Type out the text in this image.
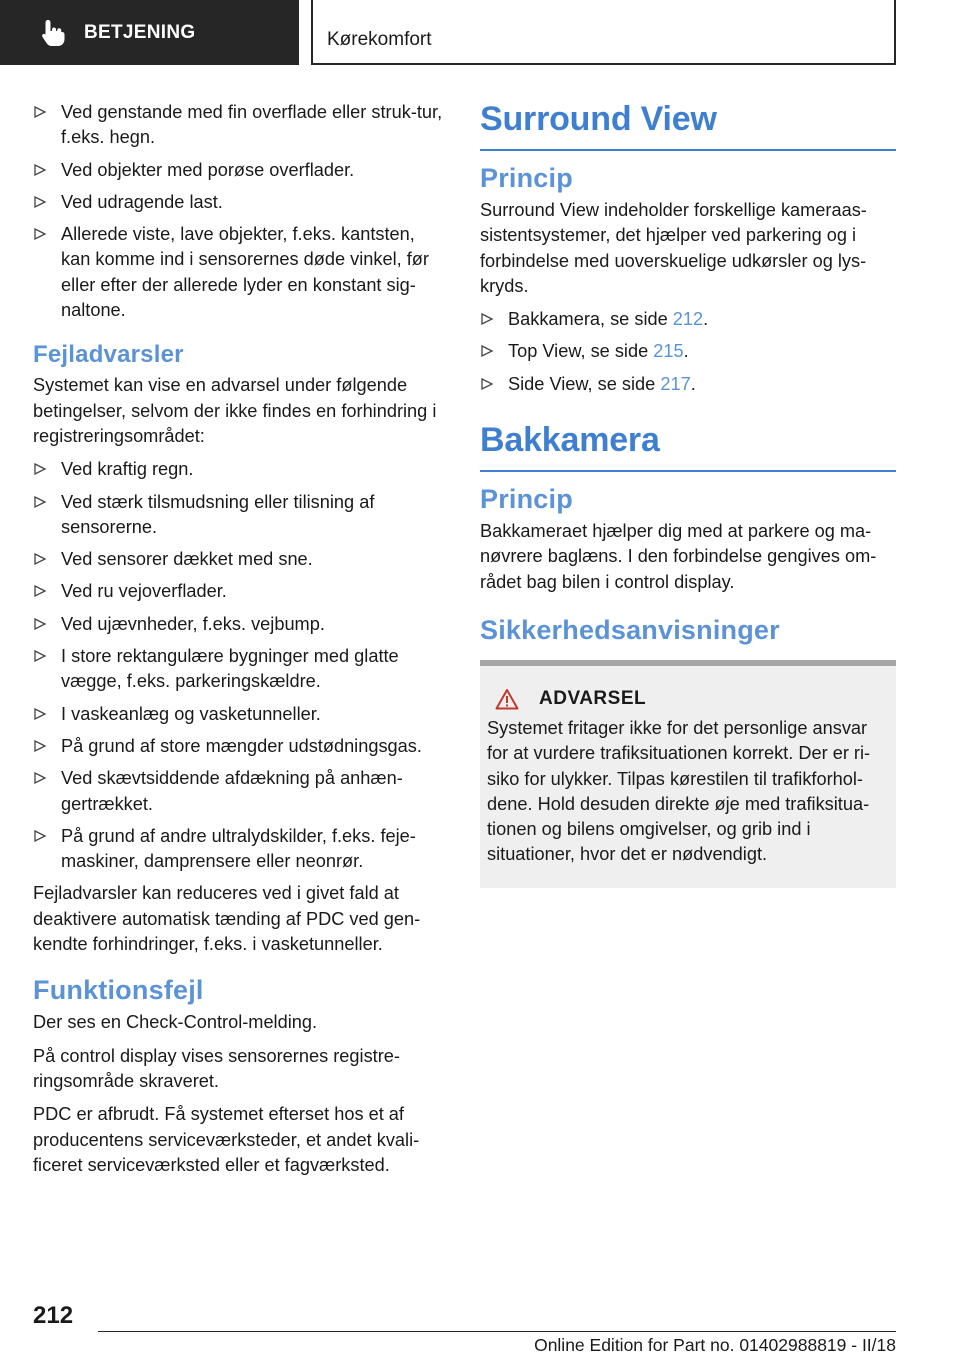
BETJENING	Kørekomfort
Ved genstande med fin overflade eller struk-tur, f.eks. hegn.
Ved objekter med porøse overflader.
Ved udragende last.
Allerede viste, lave objekter, f.eks. kantsten, kan komme ind i sensorernes døde vinkel, før eller efter der allerede lyder en konstant sig-naltone.
Fejladvarsler

Systemet kan vise en advarsel under følgende betingelser, selvom der ikke findes en forhindring i registreringsområdet:

Ved kraftig regn.
Ved stærk tilsmudsning eller tilisning af sensorerne.
Ved sensorer dækket med sne.
Ved ru vejoverflader.
Ved ujævnheder, f.eks. vejbump.
I store rektangulære bygninger med glatte vægge, f.eks. parkeringskældre.
I vaskeanlæg og vasketunneller.
På grund af store mængder udstødningsgas.
Ved skævtsiddende afdækning på anhæn-gertrækket.
På grund af andre ultralydskilder, f.eks. feje-maskiner, damprensere eller neonrør.

Fejladvarsler kan reduceres ved i givet fald at deaktivere automatisk tænding af PDC ved gen-kendte forhindringer, f.eks. i vasketunneller.

Funktionsfejl

Der ses en Check-Control-melding.

På control display vises sensorernes registre-ringsområde skraveret.

PDC er afbrudt. Få systemet efterset hos et af producentens serviceværksteder, et andet kvali-ficeret serviceværksted eller et fagværksted.

Surround View
Princip

Surround View indeholder forskellige kameraas-sistentsystemer, det hjælper ved parkering og i forbindelse med uoverskuelige udkørsler og lys-kryds.

Bakkamera, se side 212.
Top View, se side 215.
Side View, se side 217.
Bakkamera
Princip

Bakkameraet hjælper dig med at parkere og ma-nøvrere baglæns. I den forbindelse gengives om-rådet bag bilen i control display.

Sikkerhedsanvisninger
ADVARSEL

Systemet fritager ikke for det personlige ansvar for at vurdere trafiksituationen korrekt. Der er ri-siko for ulykker. Tilpas kørestilen til trafikforhol-dene. Hold desuden direkte øje med trafiksitua-tionen og bilens omgivelser, og grib ind i situationer, hvor det er nødvendigt.

212
Online Edition for Part no. 01402988819 - II/18
